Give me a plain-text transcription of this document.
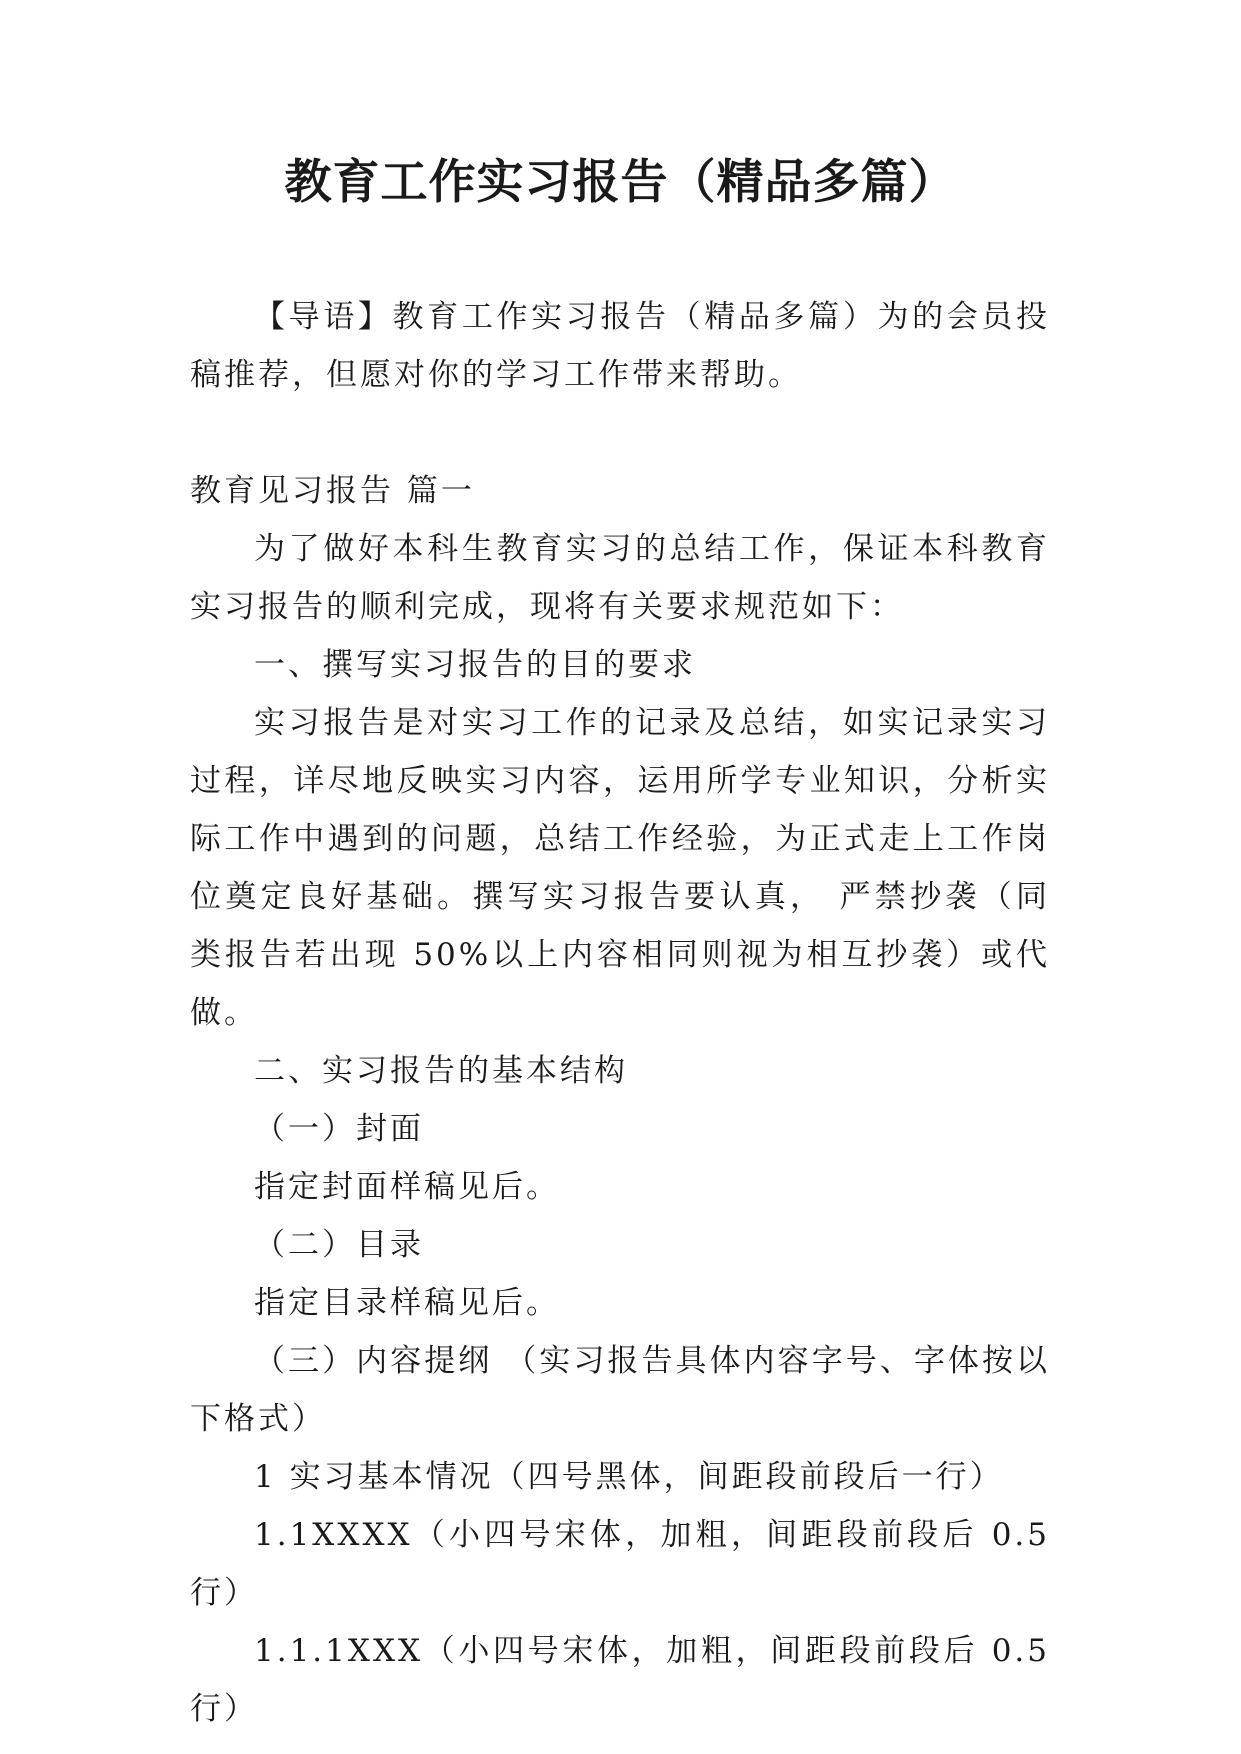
教育工作实习报告（精品多篇）

【导语】教育工作实习报告（精品多篇）为的会员投稿推荐，但愿对你的学习工作带来帮助。

教育见习报告 篇一

为了做好本科生教育实习的总结工作，保证本科教育实习报告的顺利完成，现将有关要求规范如下：

一、撰写实习报告的目的要求

实习报告是对实习工作的记录及总结，如实记录实习过程，详尽地反映实习内容，运用所学专业知识，分析实际工作中遇到的问题，总结工作经验，为正式走上工作岗位奠定良好基础。撰写实习报告要认真， 严禁抄袭（同类报告若出现 50%以上内容相同则视为相互抄袭）或代做。

二、实习报告的基本结构

（一）封面

指定封面样稿见后。

（二）目录

指定目录样稿见后。

（三）内容提纲 （实习报告具体内容字号、字体按以下格式）

1 实习基本情况（四号黑体，间距段前段后一行）

1.1XXXX（小四号宋体，加粗，间距段前段后 0.5 行）

1.1.1XXX（小四号宋体，加粗，间距段前段后 0.5 行）
